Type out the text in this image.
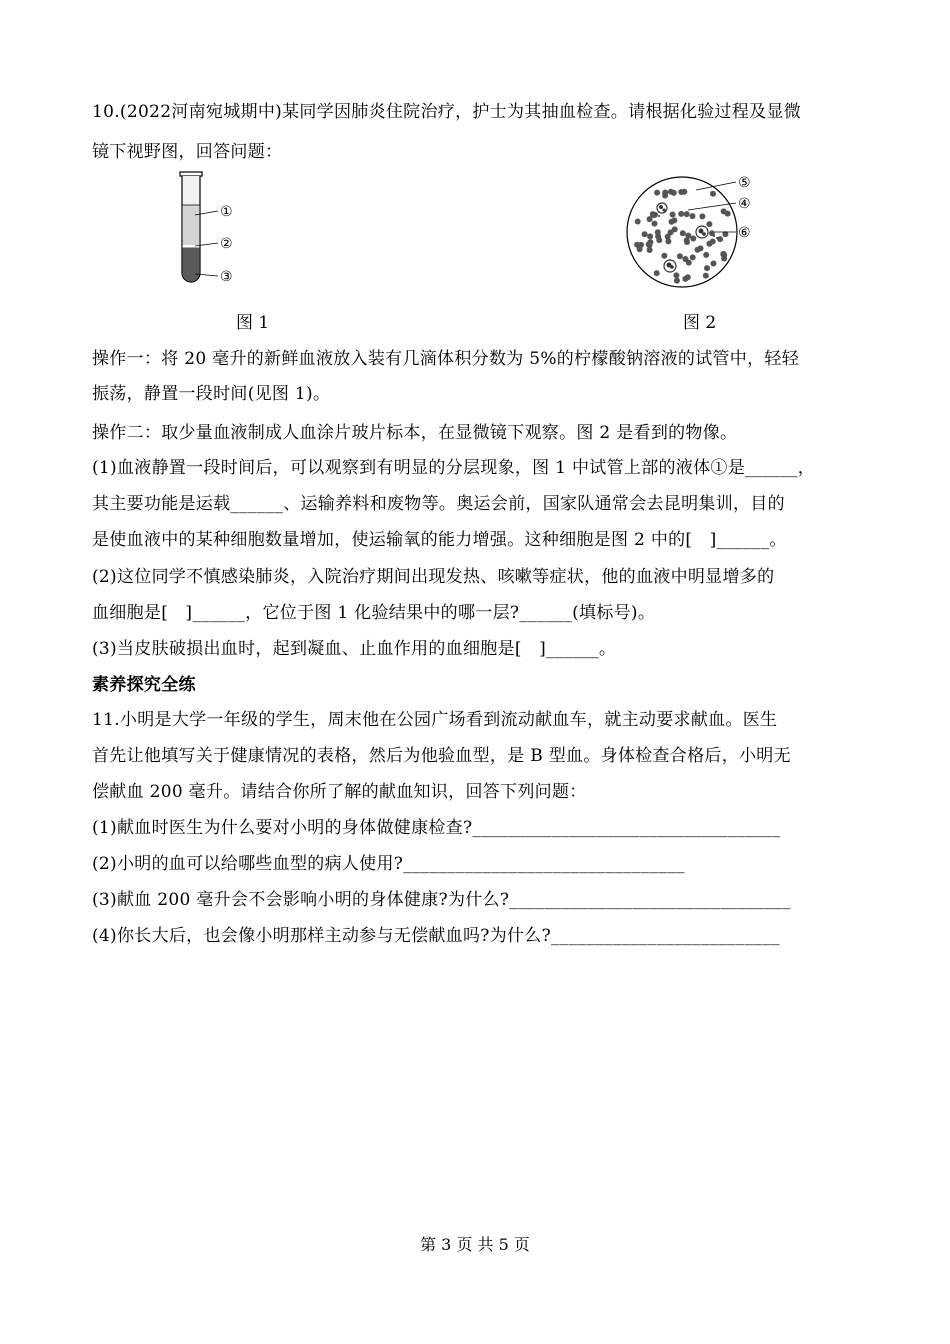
10.(2022河南宛城期中)某同学因肺炎住院治疗，护士为其抽血检查。请根据化验过程及显微
镜下视野图，回答问题：
①
②
③
图 1
⑤
④
⑥
图 2
操作一：将 20 毫升的新鲜血液放入装有几滴体积分数为 5%的柠檬酸钠溶液的试管中，轻轻
振荡，静置一段时间(见图 1)。
操作二：取少量血液制成人血涂片玻片标本，在显微镜下观察。图 2 是看到的物像。
(1)血液静置一段时间后，可以观察到有明显的分层现象，图 1 中试管上部的液体①是______，
其主要功能是运载______、运输养料和废物等。奥运会前，国家队通常会去昆明集训，目的
是使血液中的某种细胞数量增加，使运输氧的能力增强。这种细胞是图 2 中的[　]______。
(2)这位同学不慎感染肺炎，入院治疗期间出现发热、咳嗽等症状，他的血液中明显增多的
血细胞是[　]______，它位于图 1 化验结果中的哪一层?______(填标号)。
(3)当皮肤破损出血时，起到凝血、止血作用的血细胞是[　]______。
素养探究全练
11.小明是大学一年级的学生，周末他在公园广场看到流动献血车，就主动要求献血。医生
首先让他填写关于健康情况的表格，然后为他验血型，是 B 型血。身体检查合格后，小明无
偿献血 200 毫升。请结合你所了解的献血知识，回答下列问题：
(1)献血时医生为什么要对小明的身体做健康检查?___________________________________
(2)小明的血可以给哪些血型的病人使用?________________________________
(3)献血 200 毫升会不会影响小明的身体健康?为什么?________________________________
(4)你长大后，也会像小明那样主动参与无偿献血吗?为什么?__________________________
第 3 页 共 5 页
